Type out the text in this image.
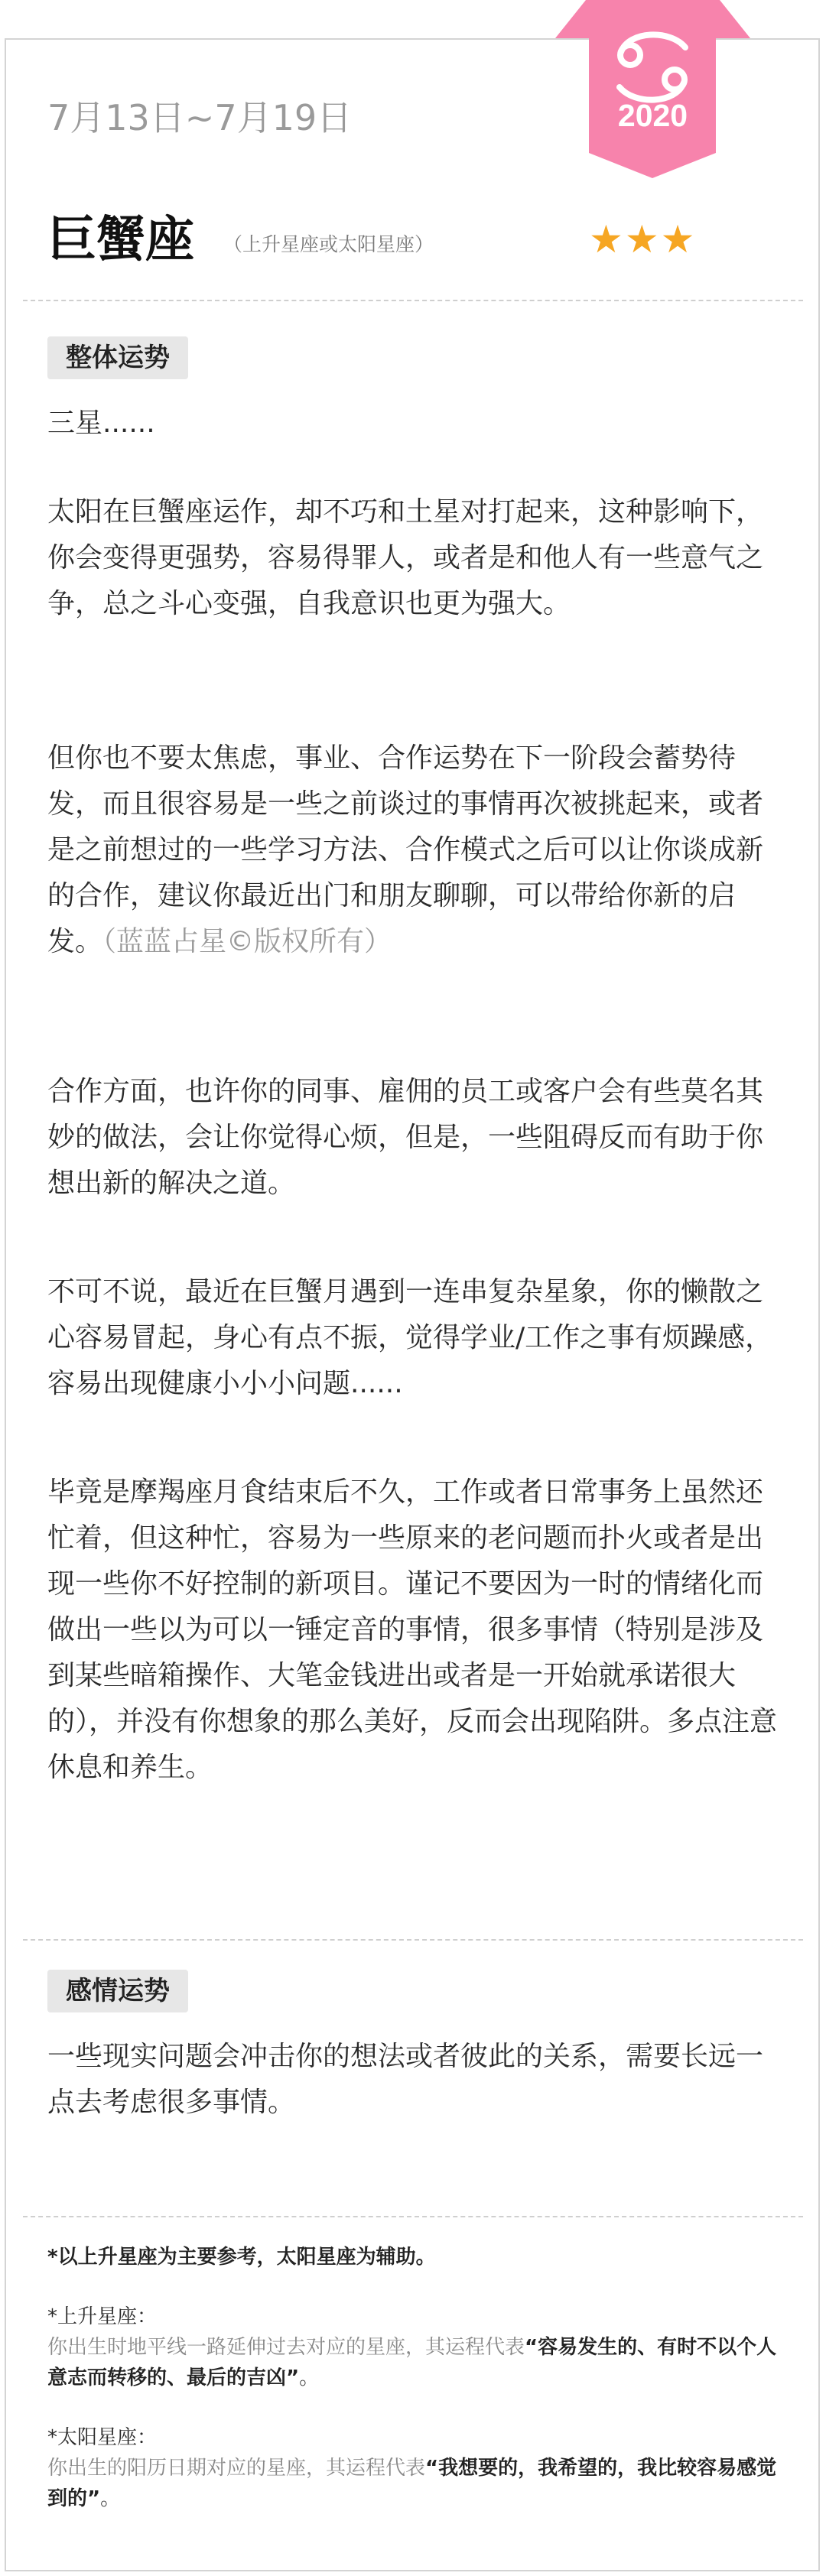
2020
7月13日~7月19日
巨蟹座 （上升星座或太阳星座）	★★★
整体运势

三星......

太阳在巨蟹座运作，却不巧和土星对打起来，这种影响下，你会变得更强势，容易得罪人，或者是和他人有一些意气之争，总之斗心变强，自我意识也更为强大。

但你也不要太焦虑，事业、合作运势在下一阶段会蓄势待发，而且很容易是一些之前谈过的事情再次被挑起来，或者是之前想过的一些学习方法、合作模式之后可以让你谈成新的合作，建议你最近出门和朋友聊聊，可以带给你新的启发。（蓝蓝占星©版权所有）

合作方面，也许你的同事、雇佣的员工或客户会有些莫名其妙的做法，会让你觉得心烦，但是，一些阻碍反而有助于你想出新的解决之道。

不可不说，最近在巨蟹月遇到一连串复杂星象，你的懒散之心容易冒起，身心有点不振，觉得学业/工作之事有烦躁感，容易出现健康小小小问题......

毕竟是摩羯座月食结束后不久，工作或者日常事务上虽然还忙着，但这种忙，容易为一些原来的老问题而扑火或者是出现一些你不好控制的新项目。谨记不要因为一时的情绪化而做出一些以为可以一锤定音的事情，很多事情（特别是涉及到某些暗箱操作、大笔金钱进出或者是一开始就承诺很大的），并没有你想象的那么美好，反而会出现陷阱。多点注意休息和养生。

感情运势

一些现实问题会冲击你的想法或者彼此的关系，需要长远一点去考虑很多事情。

*以上升星座为主要参考，太阳星座为辅助。

*上升星座：
你出生时地平线一路延伸过去对应的星座，其运程代表“容易发生的、有时不以个人意志而转移的、最后的吉凶”。

*太阳星座：
你出生的阳历日期对应的星座，其运程代表“我想要的，我希望的，我比较容易感觉到的”。
